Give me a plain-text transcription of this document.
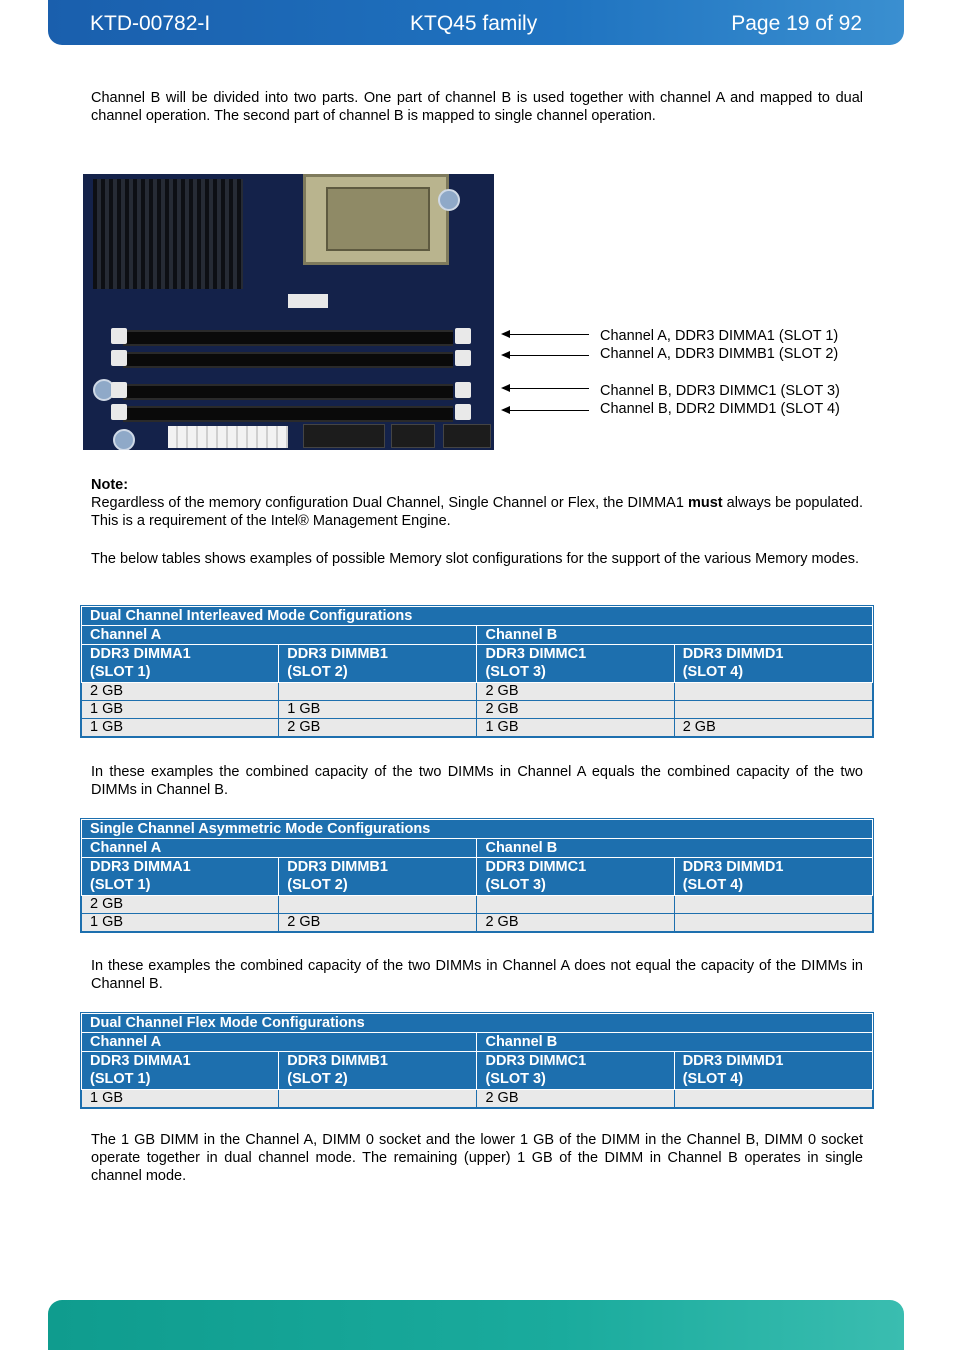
KTD-00782-I	KTQ45 family	Page 19 of 92

Channel B will be divided into two parts. One part of channel B is used together with channel A and mapped to dual channel operation. The second part of channel B is mapped to single channel operation.

Channel A, DDR3 DIMMA1 (SLOT 1)
Channel A, DDR3 DIMMB1 (SLOT 2)
Channel B, DDR3 DIMMC1 (SLOT 3)
Channel B, DDR2 DIMMD1 (SLOT 4)

Note:
Regardless of the memory configuration Dual Channel, Single Channel or Flex, the DIMMA1 must always be populated. This is a requirement of the Intel® Management Engine.

The below tables shows examples of possible Memory slot configurations for the support of the various Memory modes.

Dual Channel Interleaved Mode Configurations			
Channel A		Channel B	
DDR3 DIMMA1
(SLOT 1)	DDR3 DIMMB1
(SLOT 2)	DDR3 DIMMC1
(SLOT 3)	DDR3 DIMMD1
(SLOT 4)
2 GB		2 GB	
1 GB	1 GB	2 GB	
1 GB	2 GB	1 GB	2 GB

In these examples the combined capacity of the two DIMMs in Channel A equals the combined capacity of the two DIMMs in Channel B.

Single Channel Asymmetric Mode Configurations			
Channel A		Channel B	
DDR3 DIMMA1
(SLOT 1)	DDR3 DIMMB1
(SLOT 2)	DDR3 DIMMC1
(SLOT 3)	DDR3 DIMMD1
(SLOT 4)
2 GB			
1 GB	2 GB	2 GB	

In these examples the combined capacity of the two DIMMs in Channel A does not equal the capacity of the DIMMs in Channel B.

Dual Channel Flex Mode Configurations			
Channel A		Channel B	
DDR3 DIMMA1
(SLOT 1)	DDR3 DIMMB1
(SLOT 2)	DDR3 DIMMC1
(SLOT 3)	DDR3 DIMMD1
(SLOT 4)
1 GB		2 GB	

The 1 GB DIMM in the Channel A, DIMM 0 socket and the lower 1 GB of the DIMM in the Channel B, DIMM 0 socket operate together in dual channel mode. The remaining (upper) 1 GB of the DIMM in Channel B operates in single channel mode.
